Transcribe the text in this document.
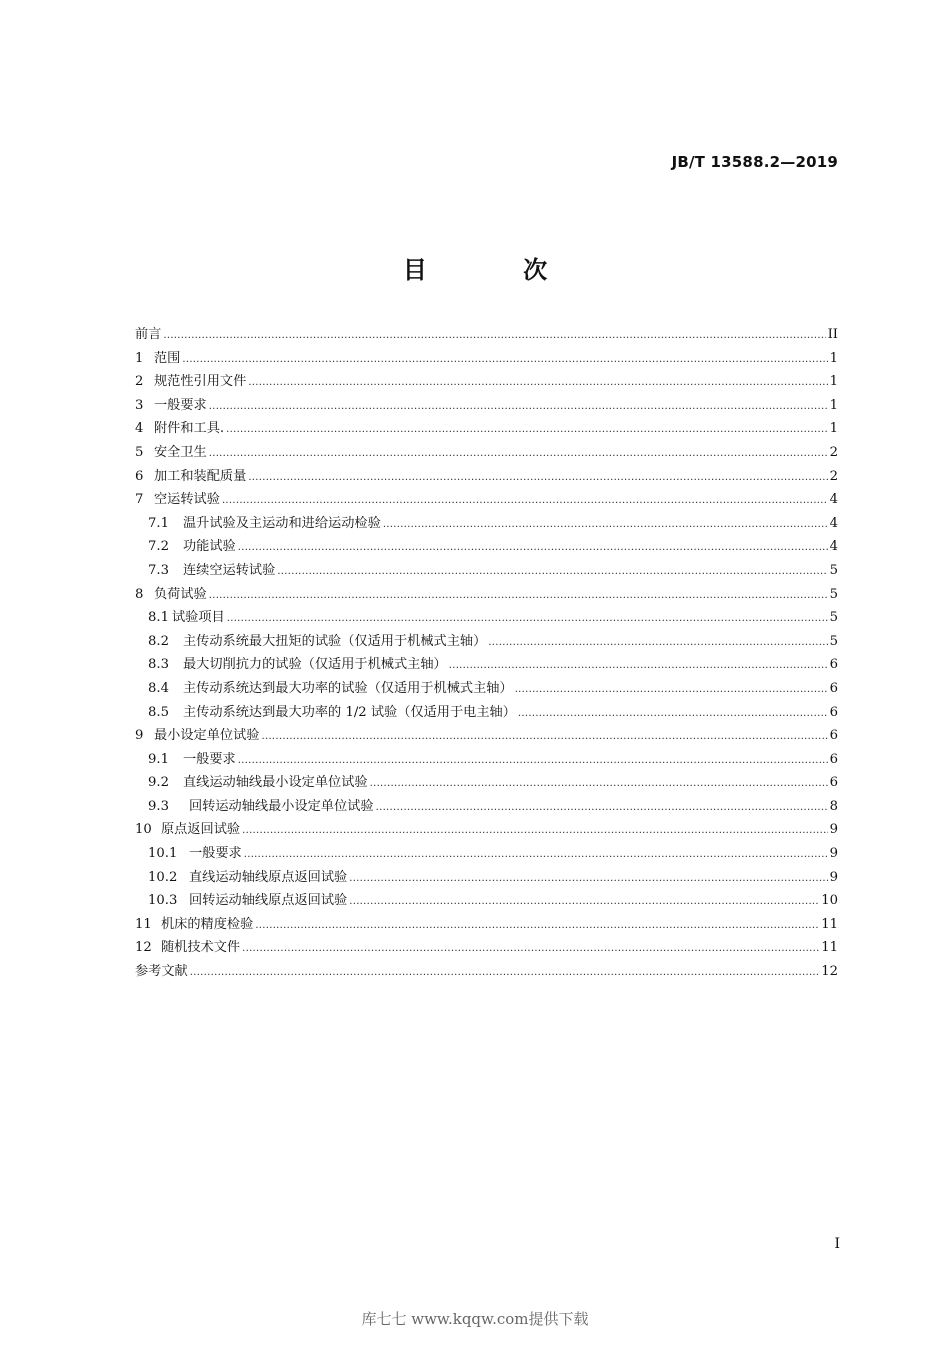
JB/T 13588.2—2019
目 次
前言 .....	II
1 范围 .....	1
2 规范性引用文件 .....	1
3 一般要求 .....	1
4 附件和工具. .....	1
5 安全卫生 .....	2
6 加工和装配质量 .....	2
7 空运转试验 .....	4
7.1	温升试验及主运动和进给运动检验 .....	4
7.2	功能试验 .....	4
7.3	连续空运转试验 .....	5
8 负荷试验 .....	5
8.1 试验项目 .....	5
8.2	主传动系统最大扭矩的试验（仅适用于机械式主轴） .....	5
8.3	最大切削抗力的试验（仅适用于机械式主轴） .....	6
8.4	主传动系统达到最大功率的试验（仅适用于机械式主轴） .....	6
8.5	主传动系统达到最大功率的 1/2 试验（仅适用于电主轴） .....	6
9 最小设定单位试验 .....	6
9.1	一般要求 .....	6
9.2	直线运动轴线最小设定单位试验 .....	6
9.3	回转运动轴线最小设定单位试验 .....	8
10 原点返回试验 .....	9
10.1 一般要求 .....	9
10.2 直线运动轴线原点返回试验 .....	9
10.3 回转运动轴线原点返回试验 .....	10
11 机床的精度检验 .....	11
12 随机技术文件 .....	11
参考文献 .....	12
I
库七七 www.kqqw.com提供下载
